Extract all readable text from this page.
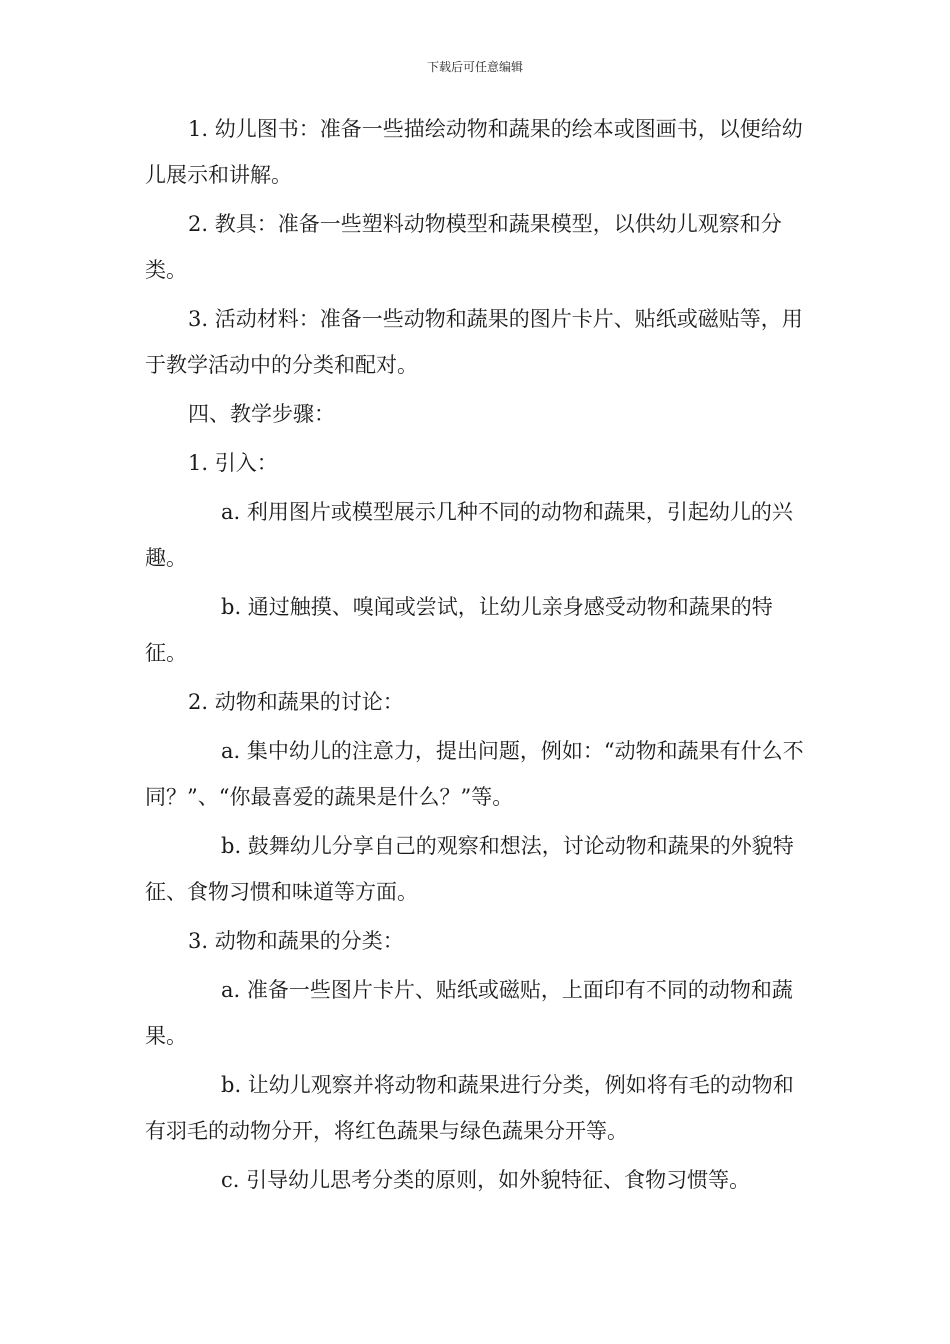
下载后可任意编辑

1. 幼儿图书：准备一些描绘动物和蔬果的绘本或图画书，以便给幼儿展示和讲解。

2. 教具：准备一些塑料动物模型和蔬果模型，以供幼儿观察和分类。

3. 活动材料：准备一些动物和蔬果的图片卡片、贴纸或磁贴等，用于教学活动中的分类和配对。

四、教学步骤：

1. 引入：

a. 利用图片或模型展示几种不同的动物和蔬果，引起幼儿的兴趣。

b. 通过触摸、嗅闻或尝试，让幼儿亲身感受动物和蔬果的特征。

2. 动物和蔬果的讨论：

a. 集中幼儿的注意力，提出问题，例如：“动物和蔬果有什么不同？”、“你最喜爱的蔬果是什么？”等。

b. 鼓舞幼儿分享自己的观察和想法，讨论动物和蔬果的外貌特征、食物习惯和味道等方面。

3. 动物和蔬果的分类：

a. 准备一些图片卡片、贴纸或磁贴，上面印有不同的动物和蔬果。

b. 让幼儿观察并将动物和蔬果进行分类，例如将有毛的动物和有羽毛的动物分开，将红色蔬果与绿色蔬果分开等。

c. 引导幼儿思考分类的原则，如外貌特征、食物习惯等。
